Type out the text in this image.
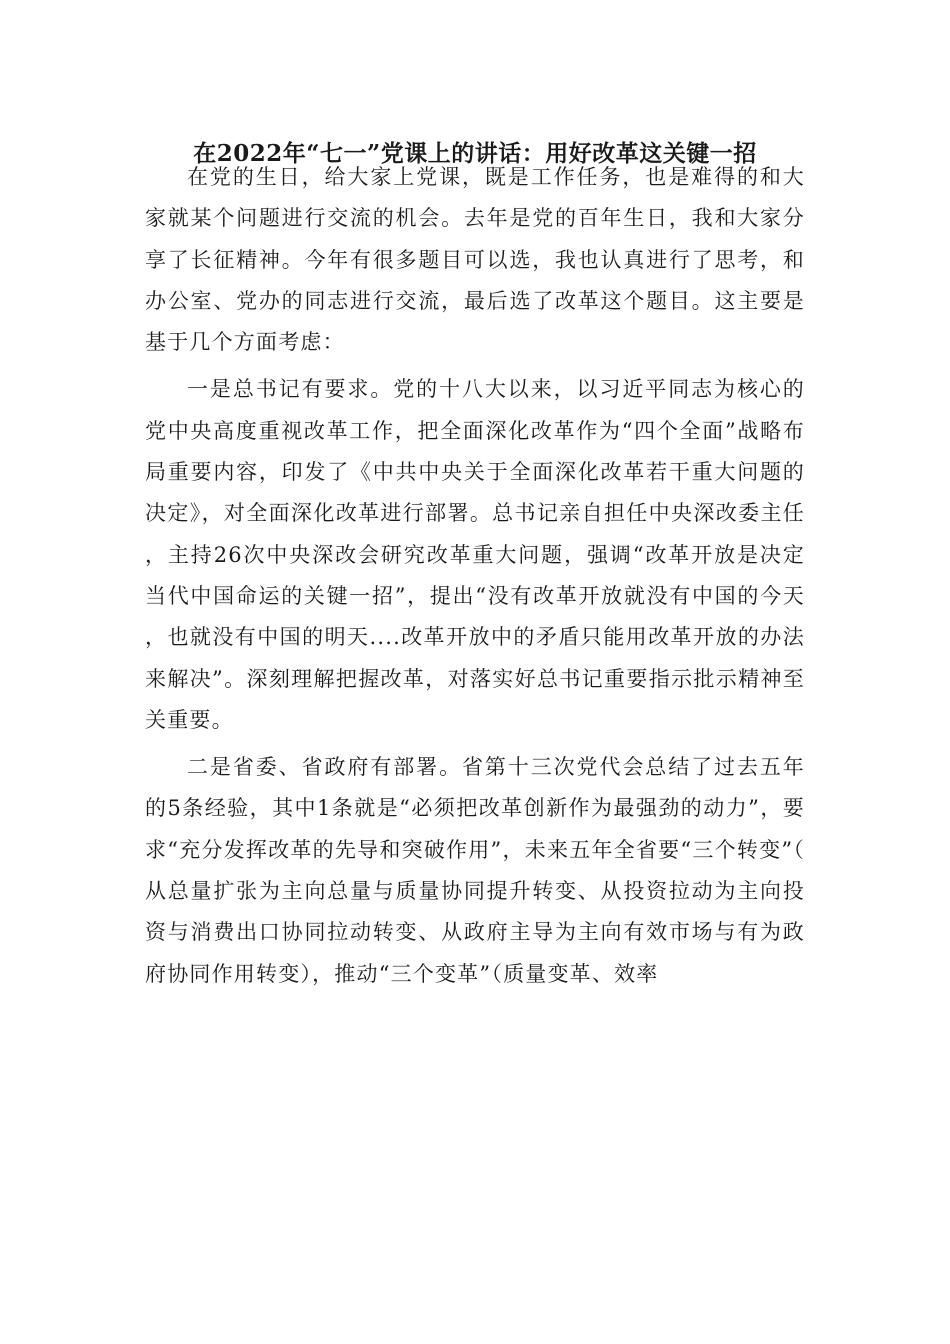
在2022年“七一”党课上的讲话：用好改革这关键一招

在党的生日，给大家上党课，既是工作任务，也是难得的和大家就某个问题进行交流的机会。去年是党的百年生日，我和大家分享了长征精神。今年有很多题目可以选，我也认真进行了思考，和办公室、党办的同志进行交流，最后选了改革这个题目。这主要是基于几个方面考虑：

一是总书记有要求。党的十八大以来，以习近平同志为核心的党中央高度重视改革工作，把全面深化改革作为“四个全面”战略布局重要内容，印发了《中共中央关于全面深化改革若干重大问题的决定》，对全面深化改革进行部署。总书记亲自担任中央深改委主任，主持26次中央深改会研究改革重大问题，强调“改革开放是决定当代中国命运的关键一招”，提出“没有改革开放就没有中国的今天，也就没有中国的明天....改革开放中的矛盾只能用改革开放的办法来解决”。深刻理解把握改革，对落实好总书记重要指示批示精神至关重要。

二是省委、省政府有部署。省第十三次党代会总结了过去五年的5条经验，其中1条就是“必须把改革创新作为最强劲的动力”，要求“充分发挥改革的先导和突破作用”，未来五年全省要“三个转变”（从总量扩张为主向总量与质量协同提升转变、从投资拉动为主向投资与消费出口协同拉动转变、从政府主导为主向有效市场与有为政府协同作用转变），推动“三个变革”（质量变革、效率
